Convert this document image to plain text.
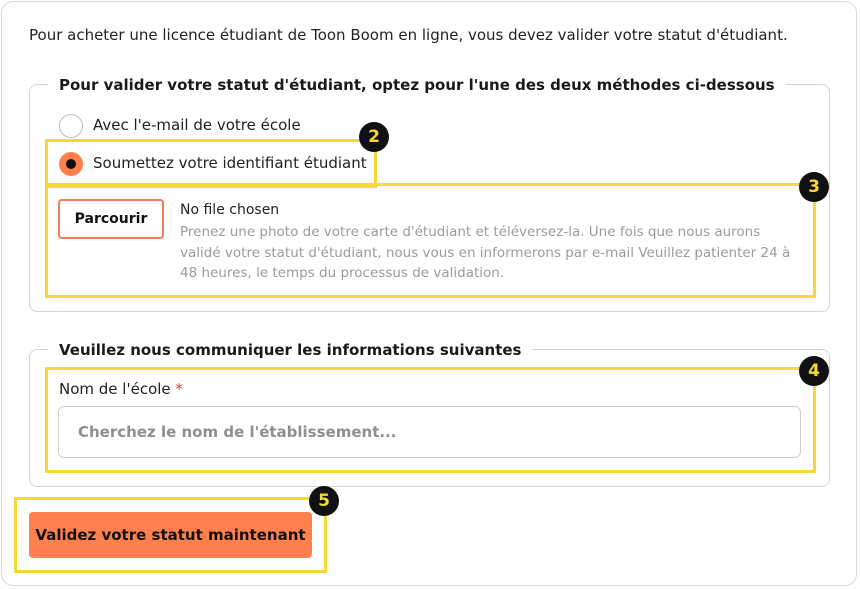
Pour acheter une licence étudiant de Toon Boom en ligne, vous devez valider votre statut d'étudiant.
Pour valider votre statut d'étudiant, optez pour l'une des deux méthodes ci-dessous
Avec l'e-mail de votre école
Soumettez votre identifiant étudiant
Parcourir
No file chosen
Prenez une photo de votre carte d'étudiant et téléversez-la. Une fois que nous aurons validé votre statut d'étudiant, nous vous en informerons par e-mail Veuillez patienter 24 à 48 heures, le temps du processus de validation.
Veuillez nous communiquer les informations suivantes
Nom de l'école *
Cherchez le nom de l'établissement...
Validez votre statut maintenant
2
3
4
5
